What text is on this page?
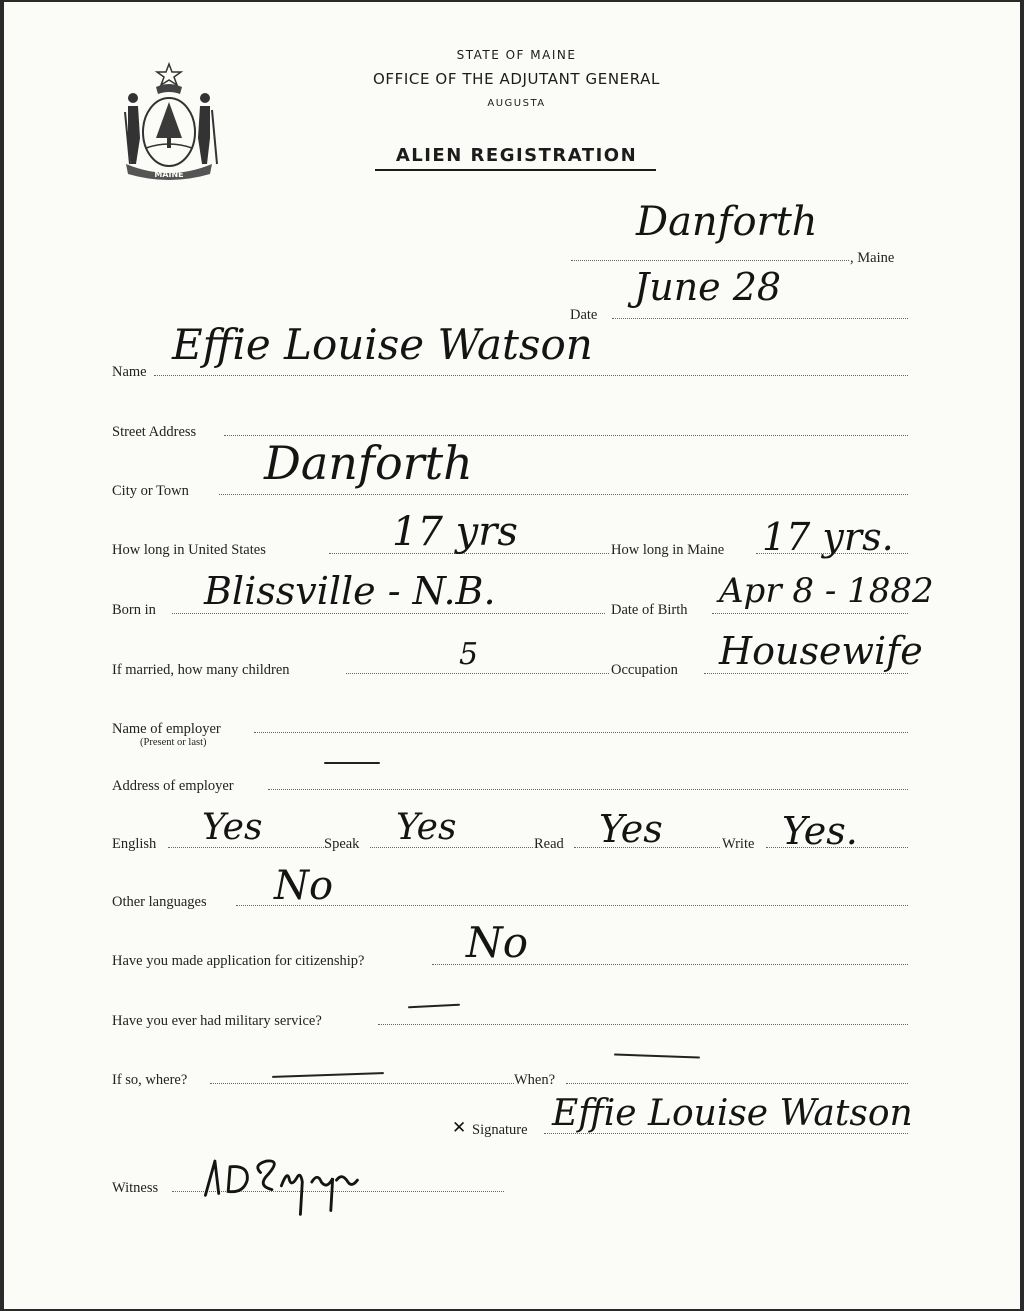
MAINE
STATE OF MAINE
OFFICE OF THE ADJUTANT GENERAL
AUGUSTA
ALIEN REGISTRATION
, Maine
Danforth
Date
June 28
Name
Effie Louise Watson
Street Address
City or Town
Danforth
How long in United States	17 yrs	How long in Maine 17 yrs.
Born in Blissville - N.B.	Date of Birth Apr 8 - 1882
If married, how many children	5	Occupation Housewife
Name of employer
(Present or last)
Address of employer
English Yes	Speak Yes	Read Yes	Write Yes.
Other languages No
Have you made application for citizenship? No
Have you ever had military service?
If so, where?	When?
✕ Signature Effie Louise Watson
Witness
